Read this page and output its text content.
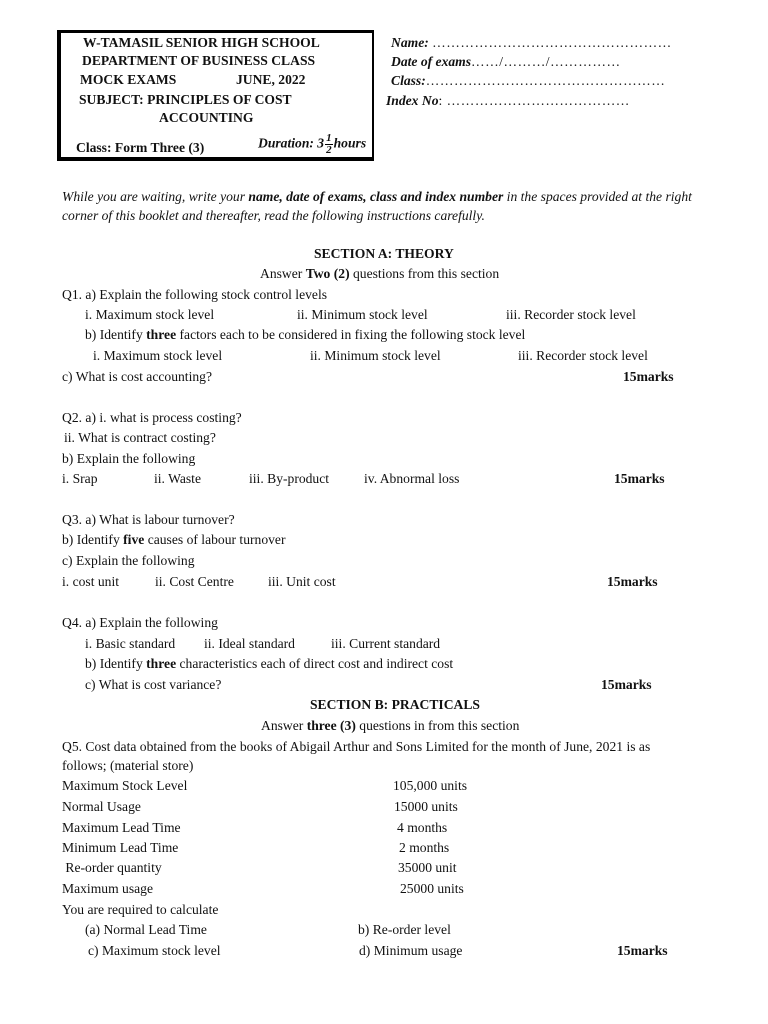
W-TAMASIL SENIOR HIGH SCHOOL
DEPARTMENT OF BUSINESS CLASS
MOCK EXAMS	JUNE, 2022
SUBJECT: PRINCIPLES OF COST
ACCOUNTING
Class: Form Three (3)	Duration: $3 \frac{1}{2}$ hours
Name: ……………………………………………
Date of exams……/………/……………
Class:……………………………………………
Index No: …………………………………
While you are waiting, write your name, date of exams, class and index number in the spaces provided at the right
corner of this booklet and thereafter, read the following instructions carefully.
SECTION A: THEORY
Answer Two (2) questions from this section
Q1. a) Explain the following stock control levels
i. Maximum stock level	ii. Minimum stock level	iii. Recorder stock level
b) Identify three factors each to be considered in fixing the following stock level
i. Maximum stock level	ii. Minimum stock level	iii. Recorder stock level
c) What is cost accounting?	15marks
Q2. a) i. what is process costing?
ii. What is contract costing?
b) Explain the following
i. Srap	ii. Waste	iii. By-product	iv. Abnormal loss	15marks
Q3. a) What is labour turnover?
b) Identify five causes of labour turnover
c) Explain the following
i. cost unit	ii. Cost Centre	iii. Unit cost	15marks
Q4. a) Explain the following
i. Basic standard ii. Ideal standard	iii. Current standard
b) Identify three characteristics each of direct cost and indirect cost
c) What is cost variance?	15marks
SECTION B: PRACTICALS
Answer three (3) questions in from this section
Q5. Cost data obtained from the books of Abigail Arthur and Sons Limited for the month of June, 2021 is as
follows; (material store)
Maximum Stock Level	105,000 units
Normal Usage	15000 units
Maximum Lead Time	4 months
Minimum Lead Time	2 months
Re-order quantity	35000 unit
Maximum usage	25000 units
You are required to calculate
(a) Normal Lead Time	b) Re-order level
c) Maximum stock level	d) Minimum usage	15marks
